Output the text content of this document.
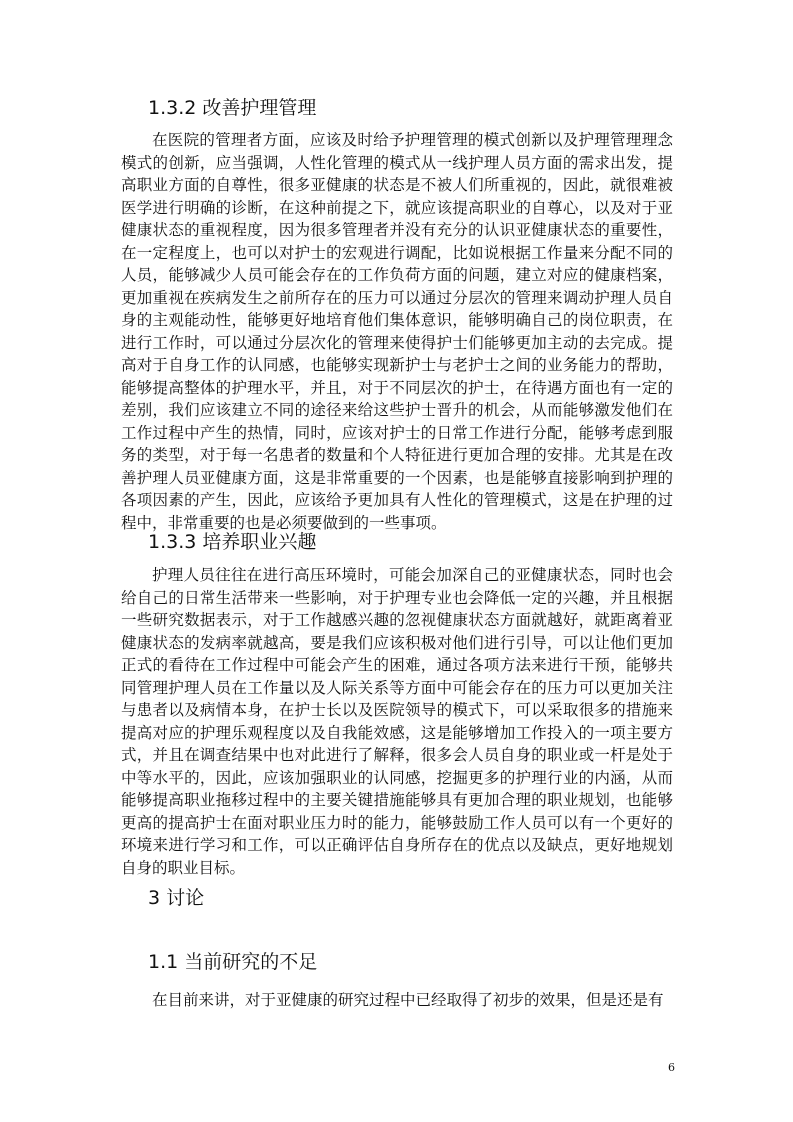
1.3.2 改善护理管理

在医院的管理者方面，应该及时给予护理管理的模式创新以及护理管理理念模式的创新，应当强调，人性化管理的模式从一线护理人员方面的需求出发，提高职业方面的自尊性，很多亚健康的状态是不被人们所重视的，因此，就很难被医学进行明确的诊断，在这种前提之下，就应该提高职业的自尊心，以及对于亚健康状态的重视程度，因为很多管理者并没有充分的认识亚健康状态的重要性，在一定程度上，也可以对护士的宏观进行调配，比如说根据工作量来分配不同的人员，能够减少人员可能会存在的工作负荷方面的问题，建立对应的健康档案，更加重视在疾病发生之前所存在的压力可以通过分层次的管理来调动护理人员自身的主观能动性，能够更好地培育他们集体意识，能够明确自己的岗位职责，在进行工作时，可以通过分层次化的管理来使得护士们能够更加主动的去完成。提高对于自身工作的认同感，也能够实现新护士与老护士之间的业务能力的帮助，能够提高整体的护理水平，并且，对于不同层次的护士，在待遇方面也有一定的差别，我们应该建立不同的途径来给这些护士晋升的机会，从而能够激发他们在工作过程中产生的热情，同时，应该对护士的日常工作进行分配，能够考虑到服务的类型，对于每一名患者的数量和个人特征进行更加合理的安排。尤其是在改善护理人员亚健康方面，这是非常重要的一个因素，也是能够直接影响到护理的各项因素的产生，因此，应该给予更加具有人性化的管理模式，这是在护理的过程中，非常重要的也是必须要做到的一些事项。

1.3.3 培养职业兴趣

护理人员往往在进行高压环境时，可能会加深自己的亚健康状态，同时也会给自己的日常生活带来一些影响，对于护理专业也会降低一定的兴趣，并且根据一些研究数据表示，对于工作越感兴趣的忽视健康状态方面就越好，就距离着亚健康状态的发病率就越高，要是我们应该积极对他们进行引导，可以让他们更加正式的看待在工作过程中可能会产生的困难，通过各项方法来进行干预，能够共同管理护理人员在工作量以及人际关系等方面中可能会存在的压力可以更加关注与患者以及病情本身，在护士长以及医院领导的模式下，可以采取很多的措施来提高对应的护理乐观程度以及自我能效感，这是能够增加工作投入的一项主要方式，并且在调查结果中也对此进行了解释，很多会人员自身的职业或一杆是处于中等水平的，因此，应该加强职业的认同感，挖掘更多的护理行业的内涵，从而能够提高职业拖移过程中的主要关键措施能够具有更加合理的职业规划，也能够更高的提高护士在面对职业压力时的能力，能够鼓励工作人员可以有一个更好的环境来进行学习和工作，可以正确评估自身所存在的优点以及缺点，更好地规划自身的职业目标。

3 讨论
1.1 当前研究的不足

在目前来讲，对于亚健康的研究过程中已经取得了初步的效果，但是还是有

6
